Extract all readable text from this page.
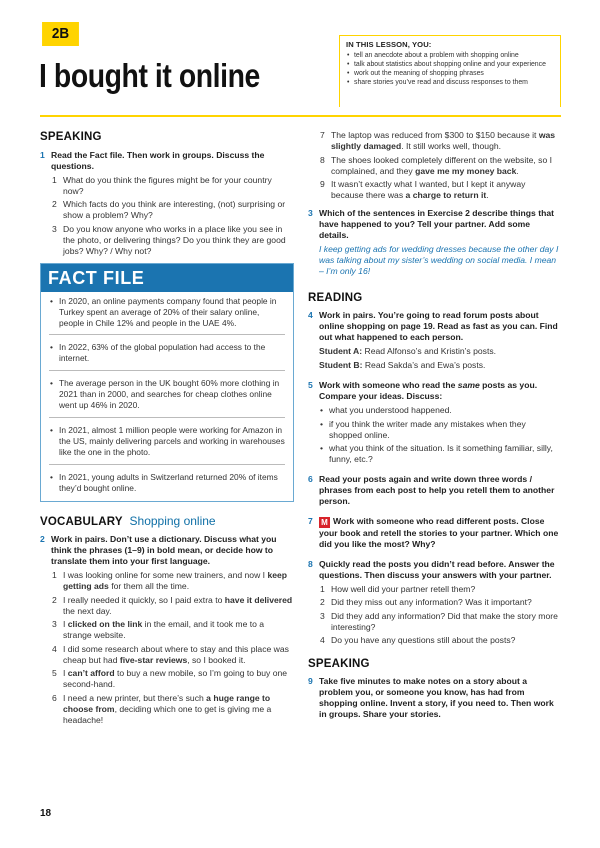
2B
I bought it online
IN THIS LESSON, YOU:
• tell an anecdote about a problem with shopping online
• talk about statistics about shopping online and your experience
• work out the meaning of shopping phrases
• share stories you’ve read and discuss responses to them
SPEAKING
1 Read the Fact file. Then work in groups. Discuss the questions.
1 What do you think the figures might be for your country now?
2 Which facts do you think are interesting, (not) surprising or show a problem? Why?
3 Do you know anyone who works in a place like you see in the photo, or delivering things? Do you think they are good jobs? Why? / Why not?
FACT FILE
• In 2020, an online payments company found that people in Turkey spent an average of 20% of their salary online, people in Chile 12% and people in the UAE 4%.
• In 2022, 63% of the global population had access to the internet.
• The average person in the UK bought 60% more clothing in 2021 than in 2000, and searches for cheap clothes online went up 46% in 2020.
• In 2021, almost 1 million people were working for Amazon in the US, mainly delivering parcels and working in warehouses like the one in the photo.
• In 2021, young adults in Switzerland returned 20% of items they’d bought online.
VOCABULARY Shopping online
2 Work in pairs. Don’t use a dictionary. Discuss what you think the phrases (1–9) in bold mean, or decide how to translate them into your first language.
1 I was looking online for some new trainers, and now I keep getting ads for them all the time.
2 I really needed it quickly, so I paid extra to have it delivered the next day.
3 I clicked on the link in the email, and it took me to a strange website.
4 I did some research about where to stay and this place was cheap but had five-star reviews, so I booked it.
5 I can’t afford to buy a new mobile, so I’m going to buy one second-hand.
6 I need a new printer, but there’s such a huge range to choose from, deciding which one to get is giving me a headache!
7 The laptop was reduced from $300 to $150 because it was slightly damaged. It still works well, though.
8 The shoes looked completely different on the website, so I complained, and they gave me my money back.
9 It wasn’t exactly what I wanted, but I kept it anyway because there was a charge to return it.
3 Which of the sentences in Exercise 2 describe things that have happened to you? Tell your partner. Add some details.
I keep getting ads for wedding dresses because the other day I was talking about my sister’s wedding on social media. I mean – I’m only 16!
READING
4 Work in pairs. You’re going to read forum posts about online shopping on page 19. Read as fast as you can. Find out what happened to each person.
Student A: Read Alfonso’s and Kristin’s posts.
Student B: Read Sakda’s and Ewa’s posts.
5 Work with someone who read the same posts as you. Compare your ideas. Discuss:
• what you understood happened.
• if you think the writer made any mistakes when they shopped online.
• what you think of the situation. Is it something familiar, silly, funny, etc.?
6 Read your posts again and write down three words / phrases from each post to help you retell them to another person.
7	M Work with someone who read different posts. Close your book and retell the stories to your partner. Which one did you like the most? Why?
8 Quickly read the posts you didn’t read before. Answer the questions. Then discuss your answers with your partner.
1 How well did your partner retell them?
2 Did they miss out any information? Was it important?
3 Did they add any information? Did that make the story more interesting?
4 Do you have any questions still about the posts?
SPEAKING
9 Take five minutes to make notes on a story about a problem you, or someone you know, has had from shopping online. Invent a story, if you need to. Then work in groups. Share your stories.
18
